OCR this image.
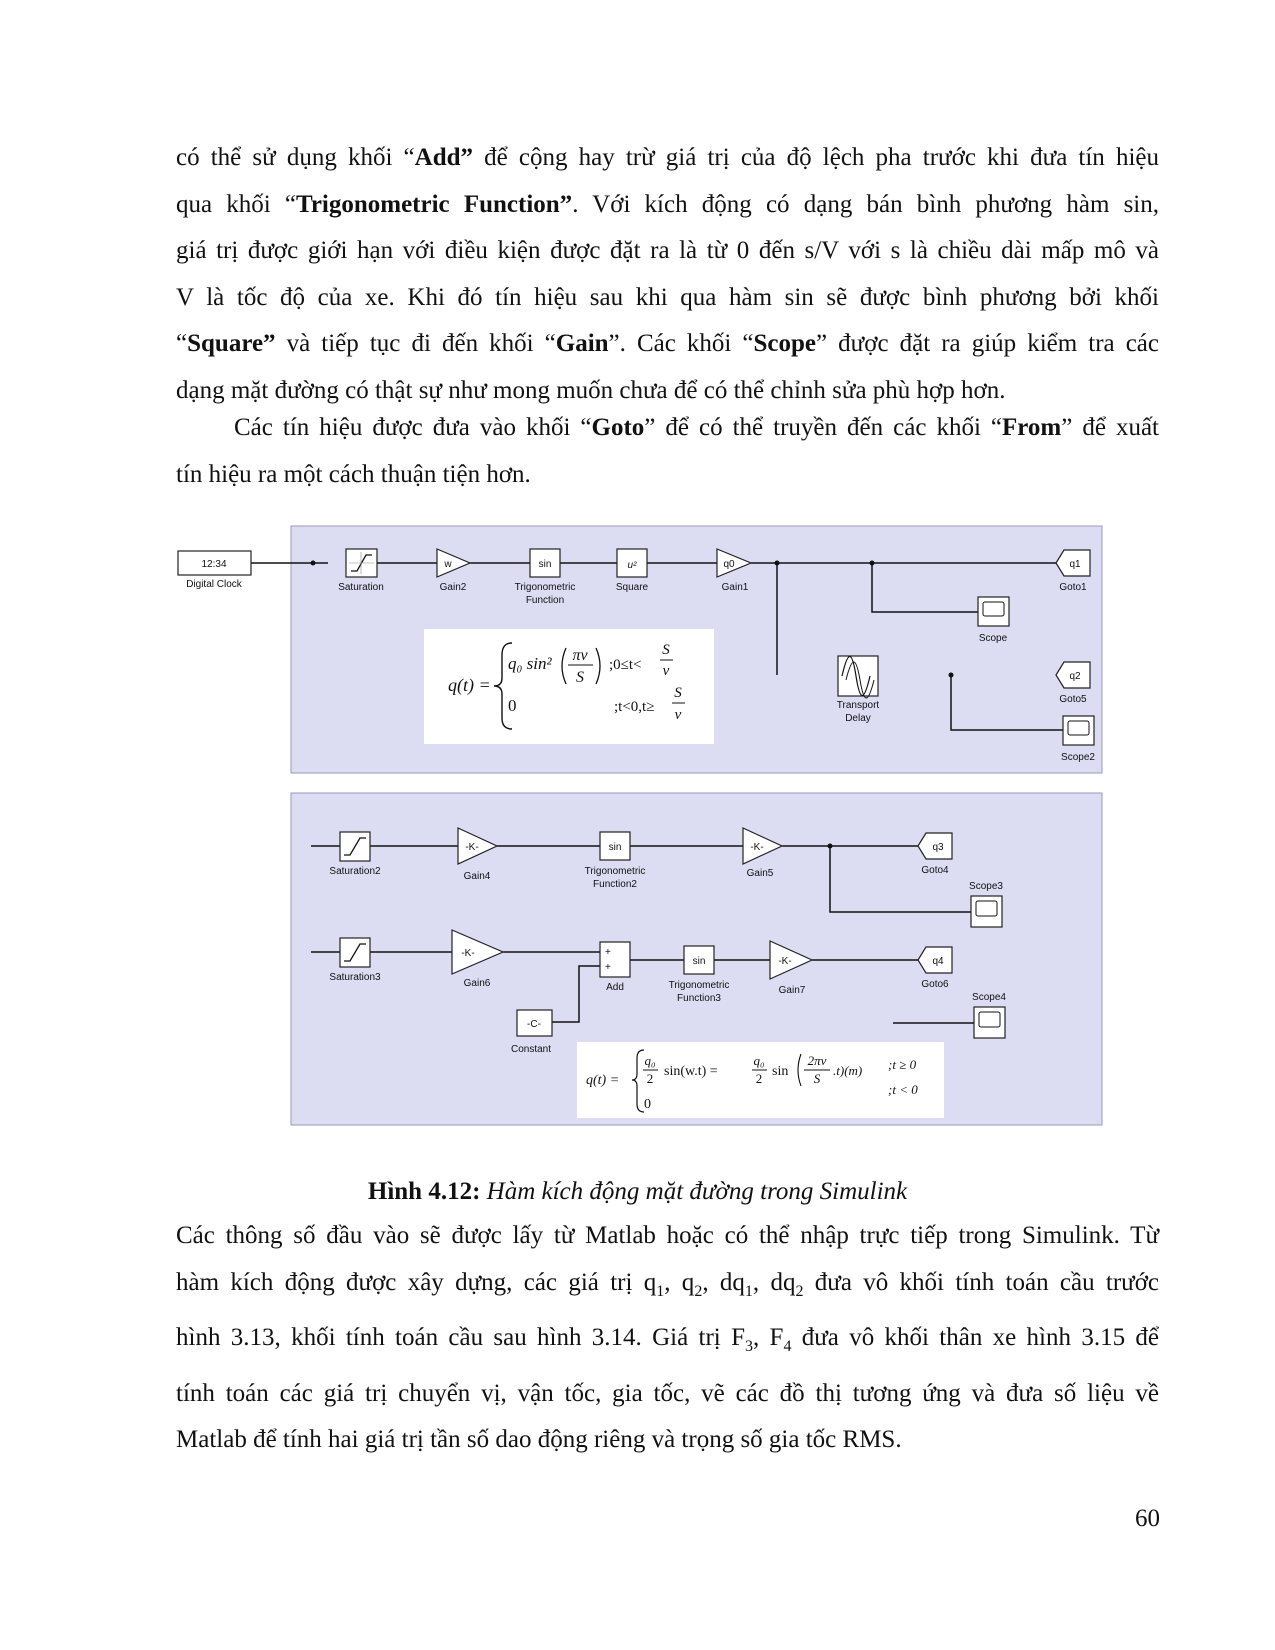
có thể sử dụng khối “Add” để cộng hay trừ giá trị của độ lệch pha trước khi đưa tín hiệu
qua khối “Trigonometric Function”. Với kích động có dạng bán bình phương hàm sin,
giá trị được giới hạn với điều kiện được đặt ra là từ 0 đến s/V với s là chiều dài mấp mô và
V là tốc độ của xe. Khi đó tín hiệu sau khi qua hàm sin sẽ được bình phương bởi khối
“Square” và tiếp tục đi đến khối “Gain”. Các khối “Scope” được đặt ra giúp kiểm tra các
dạng mặt đường có thật sự như mong muốn chưa để có thể chỉnh sửa phù hợp hơn.
Các tín hiệu được đưa vào khối “Goto” để có thể truyền đến các khối “From” để xuất
tín hiệu ra một cách thuận tiện hơn.
12:34
Digital Clock	Saturation
w
Gain2
sin
Trigonometric
Function
u²
Square
q0
Gain1
q1
Goto1
Scope
Transport
Delay
q2
Goto5
Scope2
q(t) =
q₀ sin² πv
S
;0≤t<
S
v
0	;t<0,t≥
S
v
Saturation2
-K-
Gain4
sin
Trigonometric
Function2
-K-
Gain5
q3
Goto4
Scope3
Saturation3
-K-
Gain6
+
+
Add
-C-
Constant
sin
Trigonometric
Function3
-K-
Gain7
q4
Goto6
Scope4
q(t) =
q₀
2 sin(w.t) =
q₀
2 sin
2πv
S
.t)(m) ;t ≥ 0
0
;t < 0
Hình 4.12: Hàm kích động mặt đường trong Simulink
Các thông số đầu vào sẽ được lấy từ Matlab hoặc có thể nhập trực tiếp trong Simulink. Từ
hàm kích động được xây dựng, các giá trị $q_1$, $q_2$, $dq_1$, $dq_2$ đưa vô khối tính toán cầu trước
hình 3.13, khối tính toán cầu sau hình 3.14. Giá trị $F_3$, $F_4$ đưa vô khối thân xe hình 3.15 để
tính toán các giá trị chuyển vị, vận tốc, gia tốc, vẽ các đồ thị tương ứng và đưa số liệu về
Matlab để tính hai giá trị tần số dao động riêng và trọng số gia tốc RMS.
60
